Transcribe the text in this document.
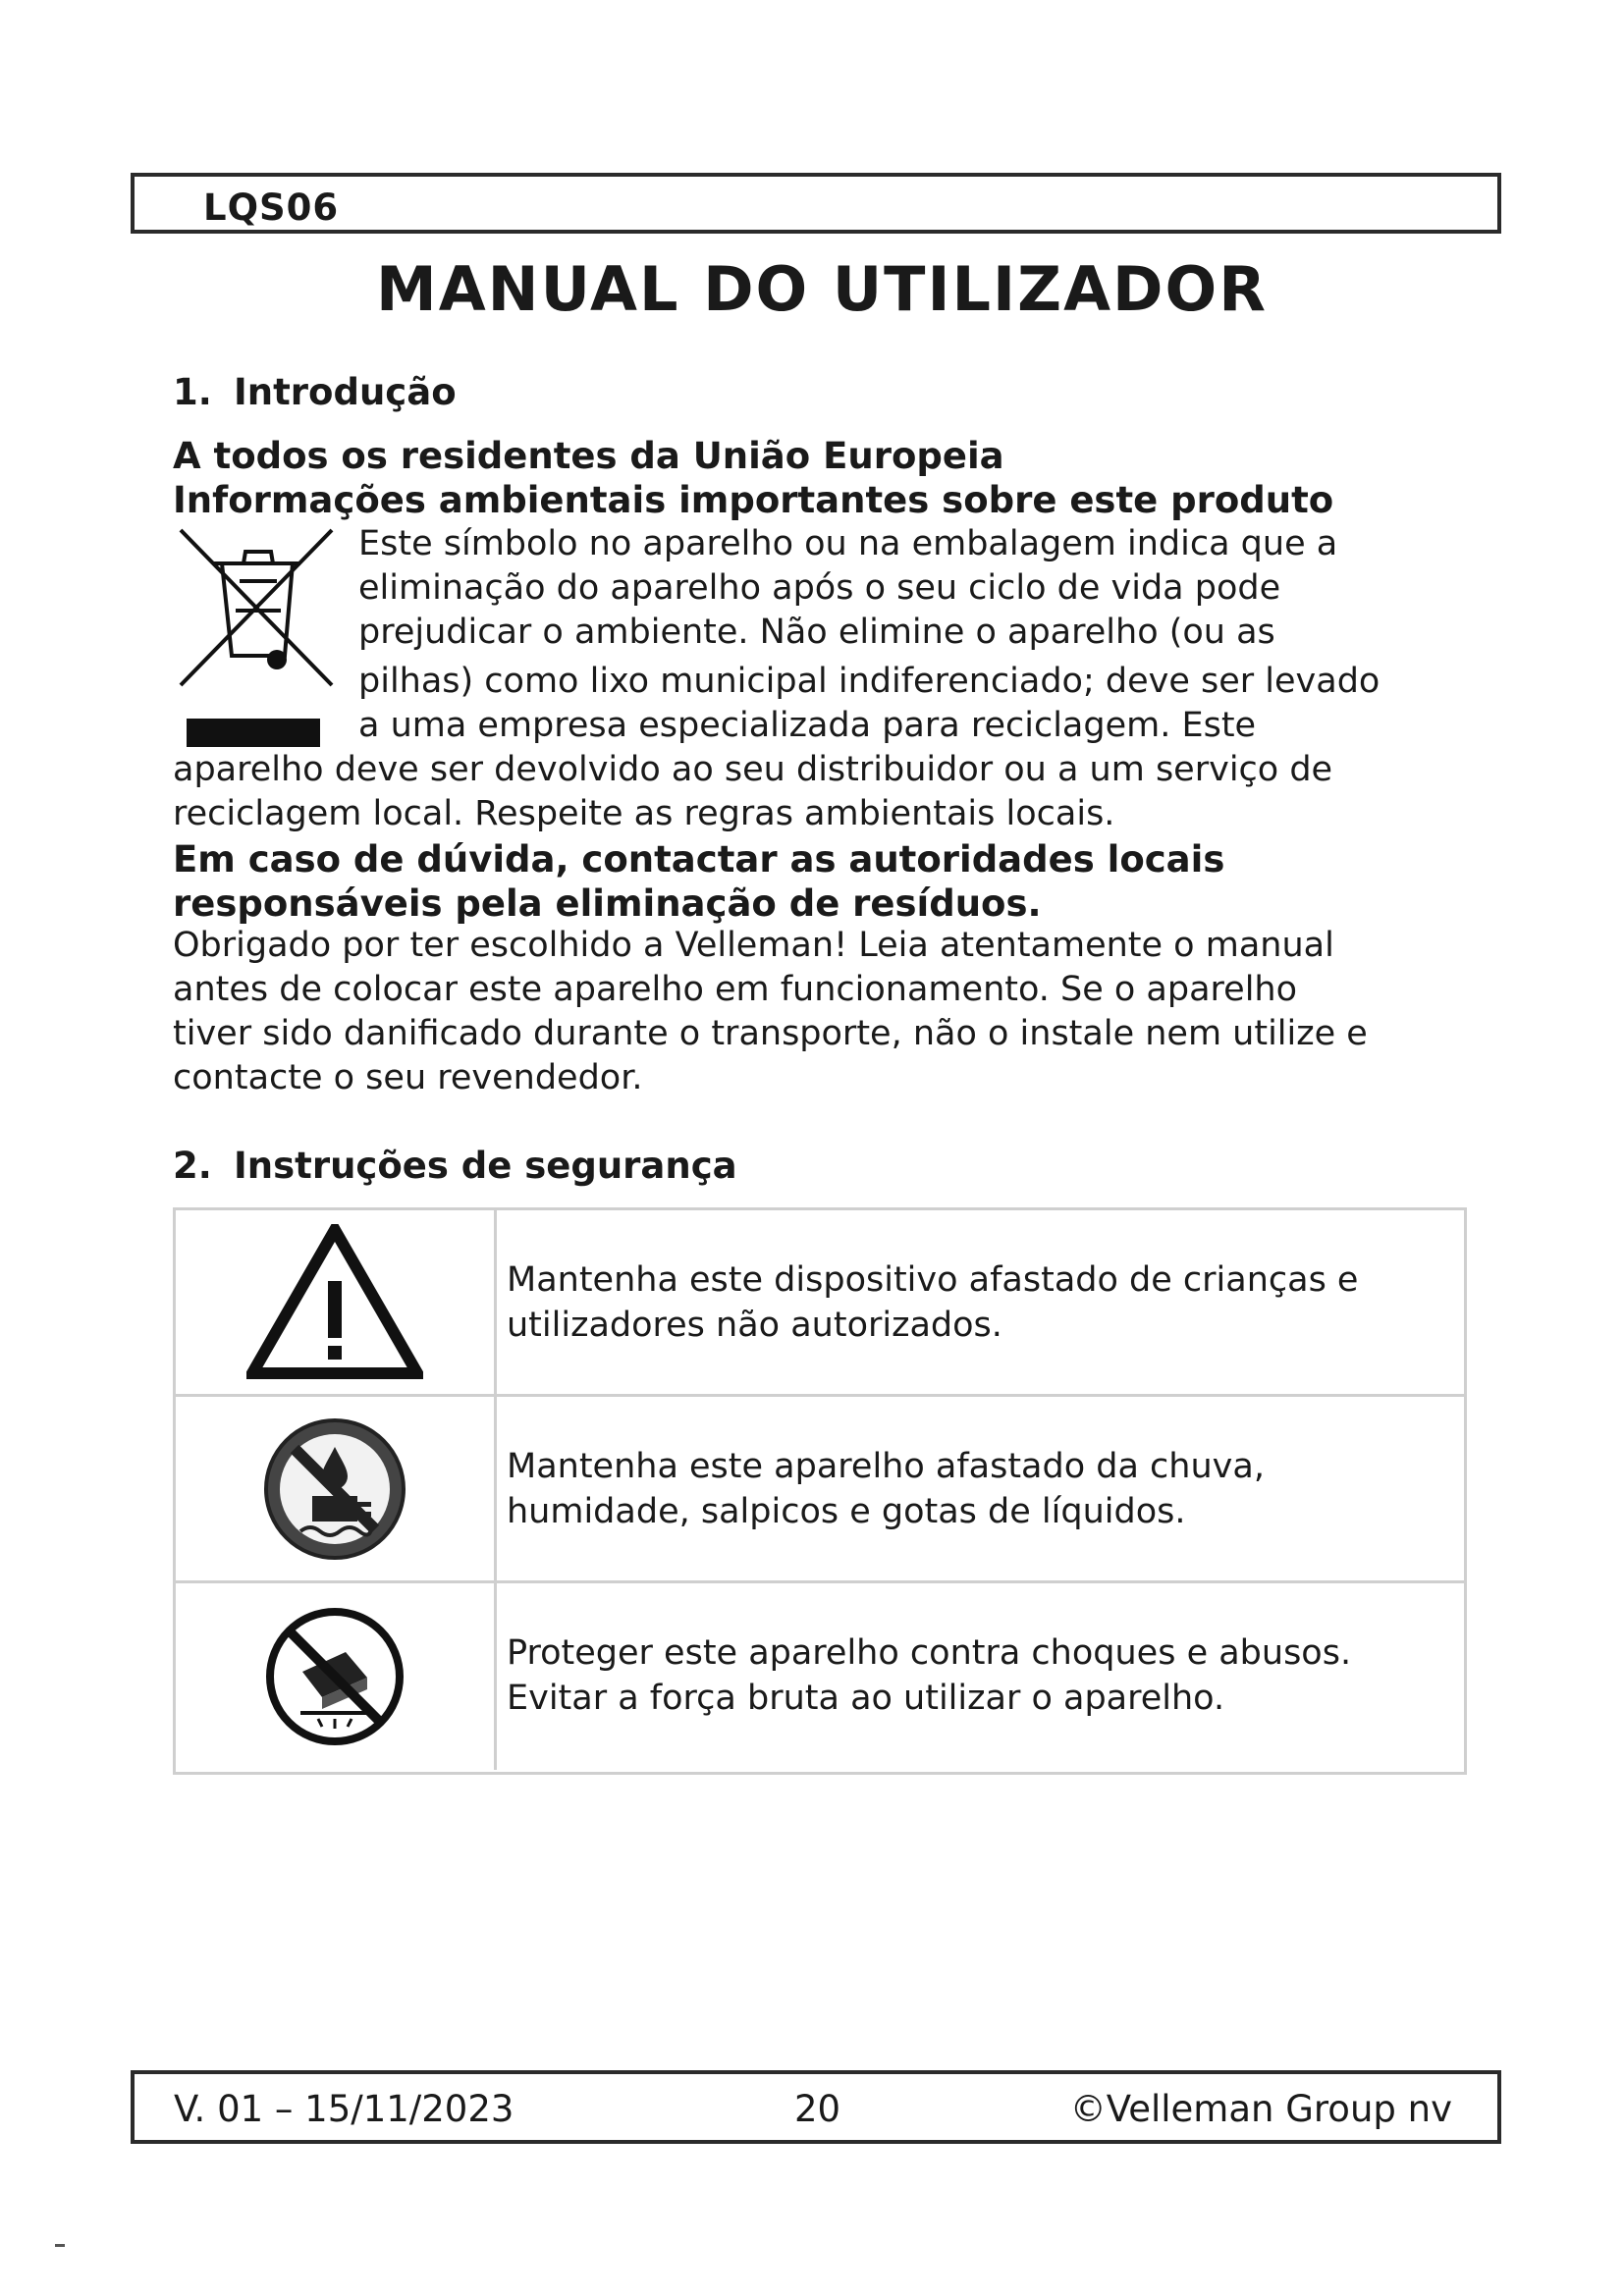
LQS06
MANUAL DO UTILIZADOR
1. Introdução

A todos os residentes da União Europeia

Informações ambientais importantes sobre este produto

Este símbolo no aparelho ou na embalagem indica que a

eliminação do aparelho após o seu ciclo de vida pode

prejudicar o ambiente. Não elimine o aparelho (ou as

pilhas) como lixo municipal indiferenciado; deve ser levado

a uma empresa especializada para reciclagem. Este

aparelho deve ser devolvido ao seu distribuidor ou a um serviço de

reciclagem local. Respeite as regras ambientais locais.

Em caso de dúvida, contactar as autoridades locais

responsáveis pela eliminação de resíduos.

Obrigado por ter escolhido a Velleman! Leia atentamente o manual

antes de colocar este aparelho em funcionamento. Se o aparelho

tiver sido danificado durante o transporte, não o instale nem utilize e

contacte o seu revendedor.

2. Instruções de segurança
Mantenha este dispositivo afastado de crianças e
utilizadores não autorizados.
Mantenha este aparelho afastado da chuva,
humidade, salpicos e gotas de líquidos.
Proteger este aparelho contra choques e abusos.
Evitar a força bruta ao utilizar o aparelho.
V. 01 – 15/11/2023	20	©Velleman Group nv
